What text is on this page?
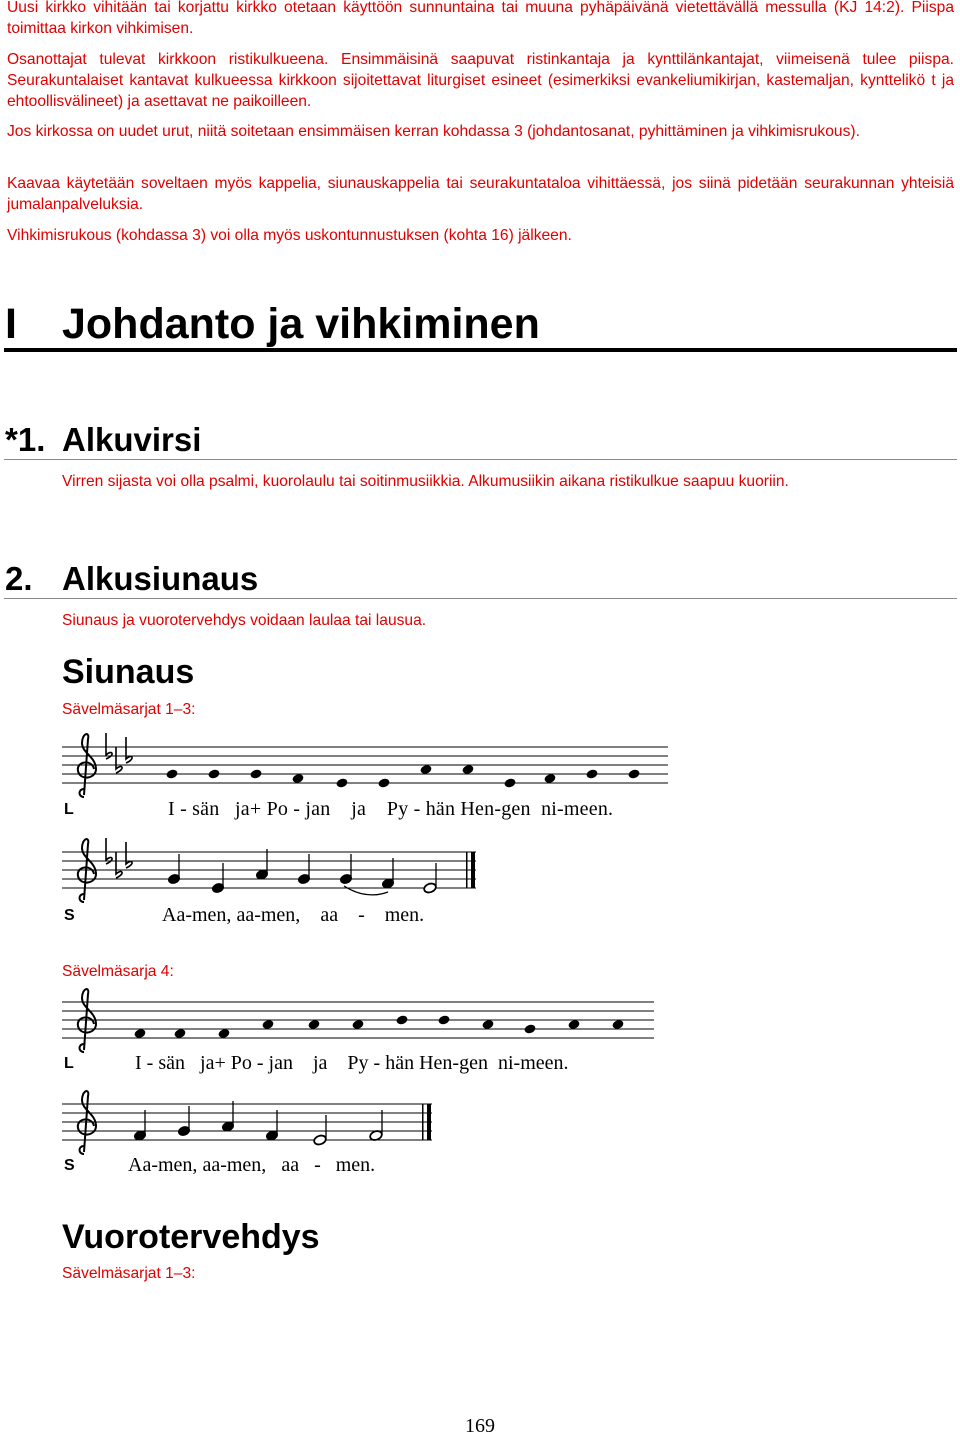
Uusi kirkko vihitään tai korjattu kirkko otetaan käyttöön sunnuntaina tai muuna pyhäpäivänä vietettävällä messulla (KJ 14:2). Piispa toimittaa kirkon vihkimisen.

Osanottajat tulevat kirkkoon ristikulkueena. Ensimmäisinä saapuvat ristinkantaja ja kynttilänkantajat, viimeisenä tulee piispa. Seurakuntalaiset kantavat kulkueessa kirkkoon sijoitettavat liturgiset esineet (esimerkiksi evankeliumikirjan, kastemaljan, kynttelikö t ja ehtoollisvälineet) ja asettavat ne paikoilleen.

Jos kirkossa on uudet urut, niitä soitetaan ensimmäisen kerran kohdassa 3 (johdantosanat, pyhittäminen ja vihkimisrukous).

Kaavaa käytetään soveltaen myös kappelia, siunauskappelia tai seurakuntataloa vihittäessä, jos siinä pidetään seurakunnan yhteisiä jumalanpalveluksia.

Vihkimisrukous (kohdassa 3) voi olla myös uskontunnustuksen (kohta 16) jälkeen.

I Johdanto ja vihkiminen
*1. Alkuvirsi

Virren sijasta voi olla psalmi, kuorolaulu tai soitinmusiikkia. Alkumusiikin aikana ristikulkue saapuu kuoriin.

2. Alkusiunaus

Siunaus ja vuorotervehdys voidaan laulaa tai lausua.

Siunaus

Sävelmäsarjat 1–3:

L	I - sän ja+ Po - jan ja Py - hän Hen-gen ni-meen.
S	Aa-men, aa-men, aa - men.

Sävelmäsarja 4:

L	I - sän ja+ Po - jan ja Py - hän Hen-gen ni-meen.
S	Aa-men, aa-men, aa - men.
Vuorotervehdys

Sävelmäsarjat 1–3:

169
